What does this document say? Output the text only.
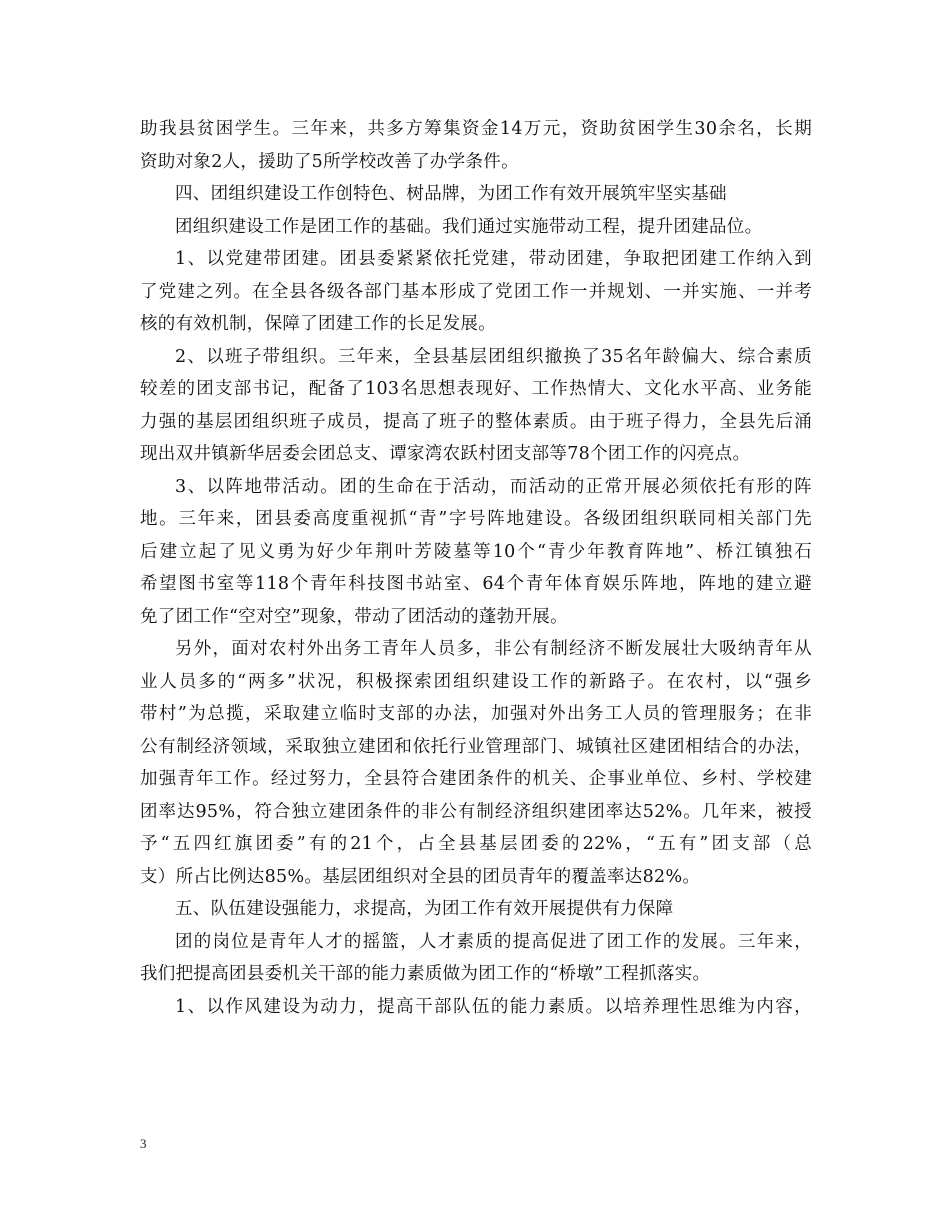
助我县贫困学生。三年来，共多方筹集资金14万元，资助贫困学生30余名，长期
资助对象2人，援助了5所学校改善了办学条件。
四、团组织建设工作创特色、树品牌，为团工作有效开展筑牢坚实基础
团组织建设工作是团工作的基础。我们通过实施带动工程，提升团建品位。
1、以党建带团建。团县委紧紧依托党建，带动团建，争取把团建工作纳入到
了党建之列。在全县各级各部门基本形成了党团工作一并规划、一并实施、一并考
核的有效机制，保障了团建工作的长足发展。
2、以班子带组织。三年来，全县基层团组织撤换了35名年龄偏大、综合素质
较差的团支部书记，配备了103名思想表现好、工作热情大、文化水平高、业务能
力强的基层团组织班子成员，提高了班子的整体素质。由于班子得力，全县先后涌
现出双井镇新华居委会团总支、谭家湾农跃村团支部等78个团工作的闪亮点。
3、以阵地带活动。团的生命在于活动，而活动的正常开展必须依托有形的阵
地。三年来，团县委高度重视抓“青”字号阵地建设。各级团组织联同相关部门先
后建立起了见义勇为好少年荆叶芳陵墓等10个“青少年教育阵地”、桥江镇独石
希望图书室等118个青年科技图书站室、64个青年体育娱乐阵地，阵地的建立避
免了团工作“空对空”现象，带动了团活动的蓬勃开展。
另外，面对农村外出务工青年人员多，非公有制经济不断发展壮大吸纳青年从
业人员多的“两多”状况，积极探索团组织建设工作的新路子。在农村，以“强乡
带村”为总揽，采取建立临时支部的办法，加强对外出务工人员的管理服务；在非
公有制经济领域，采取独立建团和依托行业管理部门、城镇社区建团相结合的办法，
加强青年工作。经过努力，全县符合建团条件的机关、企事业单位、乡村、学校建
团率达95%，符合独立建团条件的非公有制经济组织建团率达52%。几年来，被授
予“五四红旗团委”有的21个，占全县基层团委的22%，“五有”团支部（总
支）所占比例达85%。基层团组织对全县的团员青年的覆盖率达82%。
五、队伍建设强能力，求提高，为团工作有效开展提供有力保障
团的岗位是青年人才的摇篮，人才素质的提高促进了团工作的发展。三年来，
我们把提高团县委机关干部的能力素质做为团工作的“桥墩”工程抓落实。
1、以作风建设为动力，提高干部队伍的能力素质。以培养理性思维为内容，
3
